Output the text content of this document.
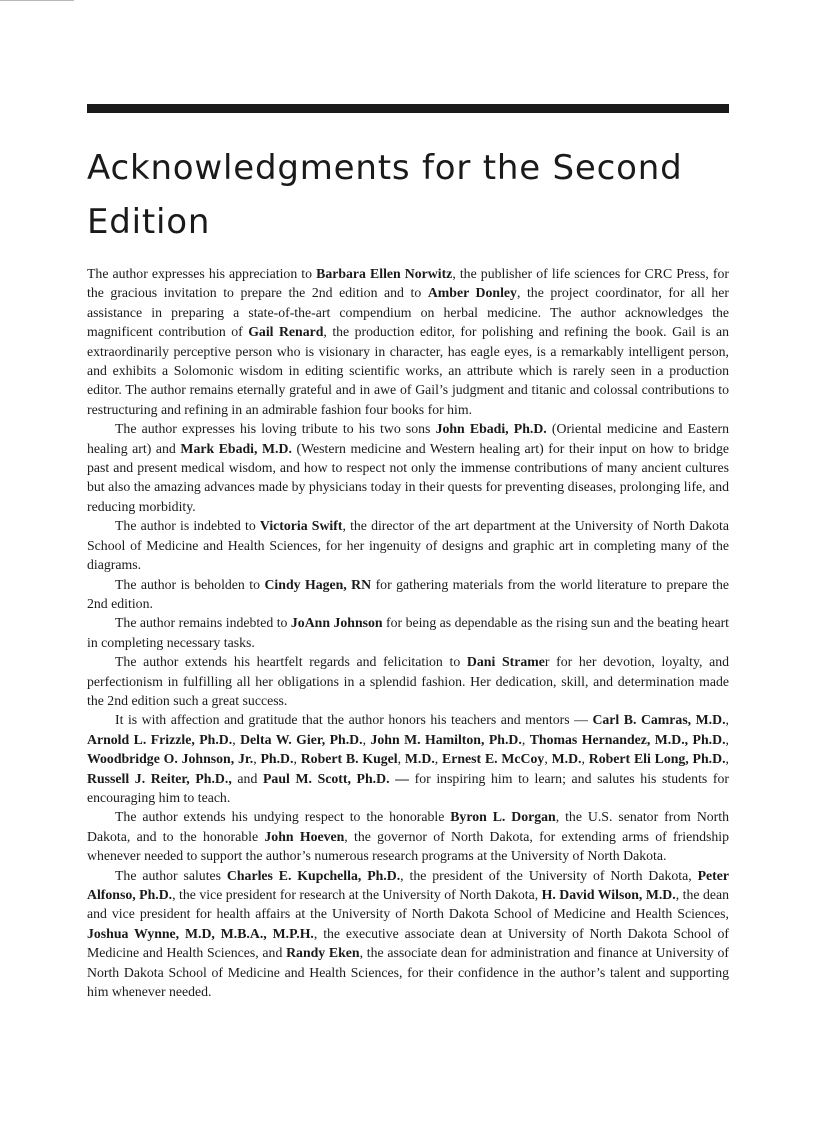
Acknowledgments for the Second Edition

The author expresses his appreciation to Barbara Ellen Norwitz, the publisher of life sciences for CRC Press, for the gracious invitation to prepare the 2nd edition and to Amber Donley, the project coordinator, for all her assistance in preparing a state-of-the-art compendium on herbal medicine. The author acknowledges the magnificent contribution of Gail Renard, the production editor, for polishing and refining the book. Gail is an extraordinarily perceptive person who is visionary in character, has eagle eyes, is a remarkably intelligent person, and exhibits a Solomonic wisdom in editing scientific works, an attribute which is rarely seen in a production editor. The author remains eternally grateful and in awe of Gail’s judgment and titanic and colossal contributions to restructuring and refining in an admirable fashion four books for him.

The author expresses his loving tribute to his two sons John Ebadi, Ph.D. (Oriental medicine and Eastern healing art) and Mark Ebadi, M.D. (Western medicine and Western healing art) for their input on how to bridge past and present medical wisdom, and how to respect not only the immense contributions of many ancient cultures but also the amazing advances made by physicians today in their quests for preventing diseases, prolonging life, and reducing morbidity.

The author is indebted to Victoria Swift, the director of the art department at the University of North Dakota School of Medicine and Health Sciences, for her ingenuity of designs and graphic art in completing many of the diagrams.

The author is beholden to Cindy Hagen, RN for gathering materials from the world literature to prepare the 2nd edition.

The author remains indebted to JoAnn Johnson for being as dependable as the rising sun and the beating heart in completing necessary tasks.

The author extends his heartfelt regards and felicitation to Dani Stramer for her devotion, loyalty, and perfectionism in fulfilling all her obligations in a splendid fashion. Her dedication, skill, and determination made the 2nd edition such a great success.

It is with affection and gratitude that the author honors his teachers and mentors — Carl B. Camras, M.D., Arnold L. Frizzle, Ph.D., Delta W. Gier, Ph.D., John M. Hamilton, Ph.D., Thomas Hernandez, M.D., Ph.D., Woodbridge O. Johnson, Jr., Ph.D., Robert B. Kugel, M.D., Ernest E. McCoy, M.D., Robert Eli Long, Ph.D., Russell J. Reiter, Ph.D., and Paul M. Scott, Ph.D. — for inspiring him to learn; and salutes his students for encouraging him to teach.

The author extends his undying respect to the honorable Byron L. Dorgan, the U.S. senator from North Dakota, and to the honorable John Hoeven, the governor of North Dakota, for extending arms of friendship whenever needed to support the author’s numerous research programs at the University of North Dakota.

The author salutes Charles E. Kupchella, Ph.D., the president of the University of North Dakota, Peter Alfonso, Ph.D., the vice president for research at the University of North Dakota, H. David Wilson, M.D., the dean and vice president for health affairs at the University of North Dakota School of Medicine and Health Sciences, Joshua Wynne, M.D, M.B.A., M.P.H., the executive associate dean at University of North Dakota School of Medicine and Health Sciences, and Randy Eken, the associate dean for administration and finance at University of North Dakota School of Medicine and Health Sciences, for their confidence in the author’s talent and supporting him whenever needed.
